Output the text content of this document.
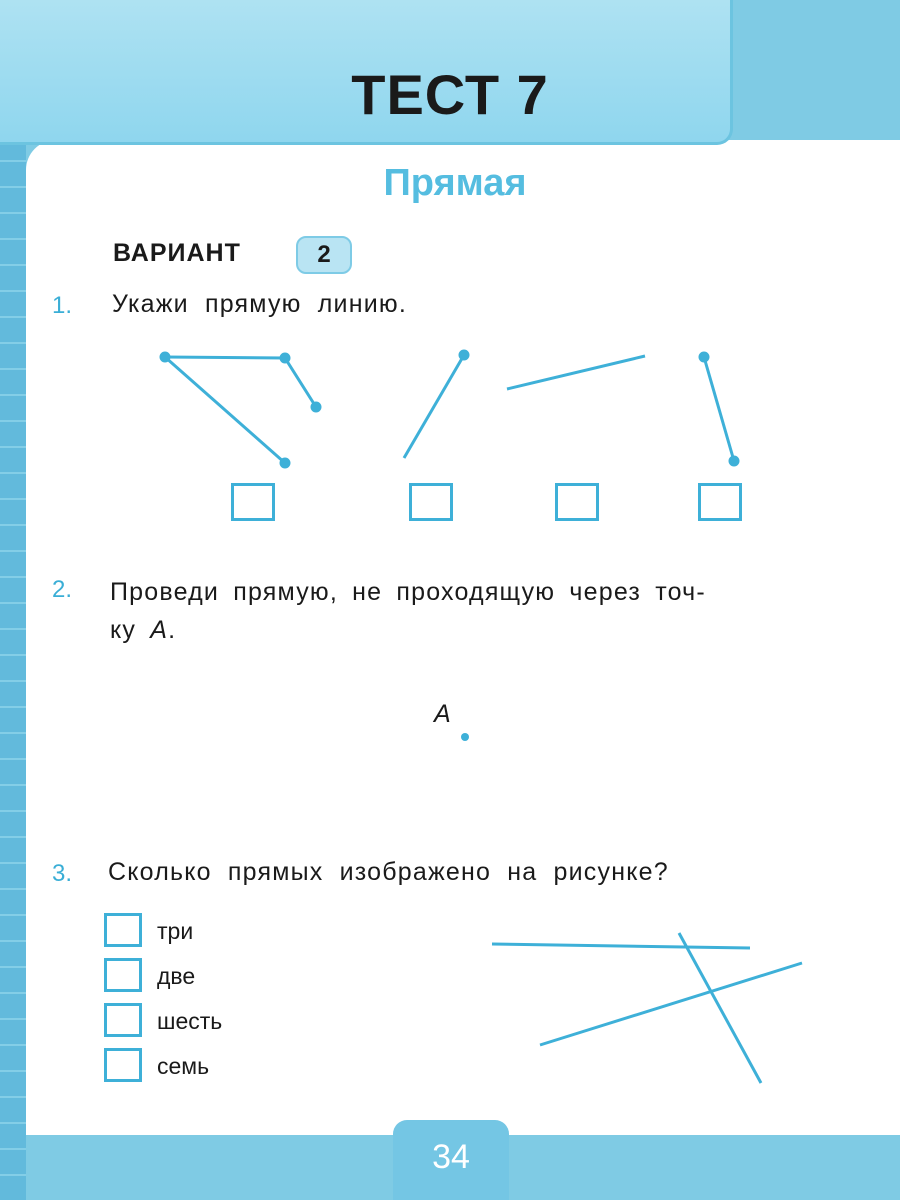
ТЕСТ 7
Прямая
ВАРИАНТ	2
1. Укажи прямую линию.
2. Проведи прямую, не проходящую через точ-
ку A.
A
3. Сколько прямых изображено на рисунке?
три
две
шесть
семь
34
